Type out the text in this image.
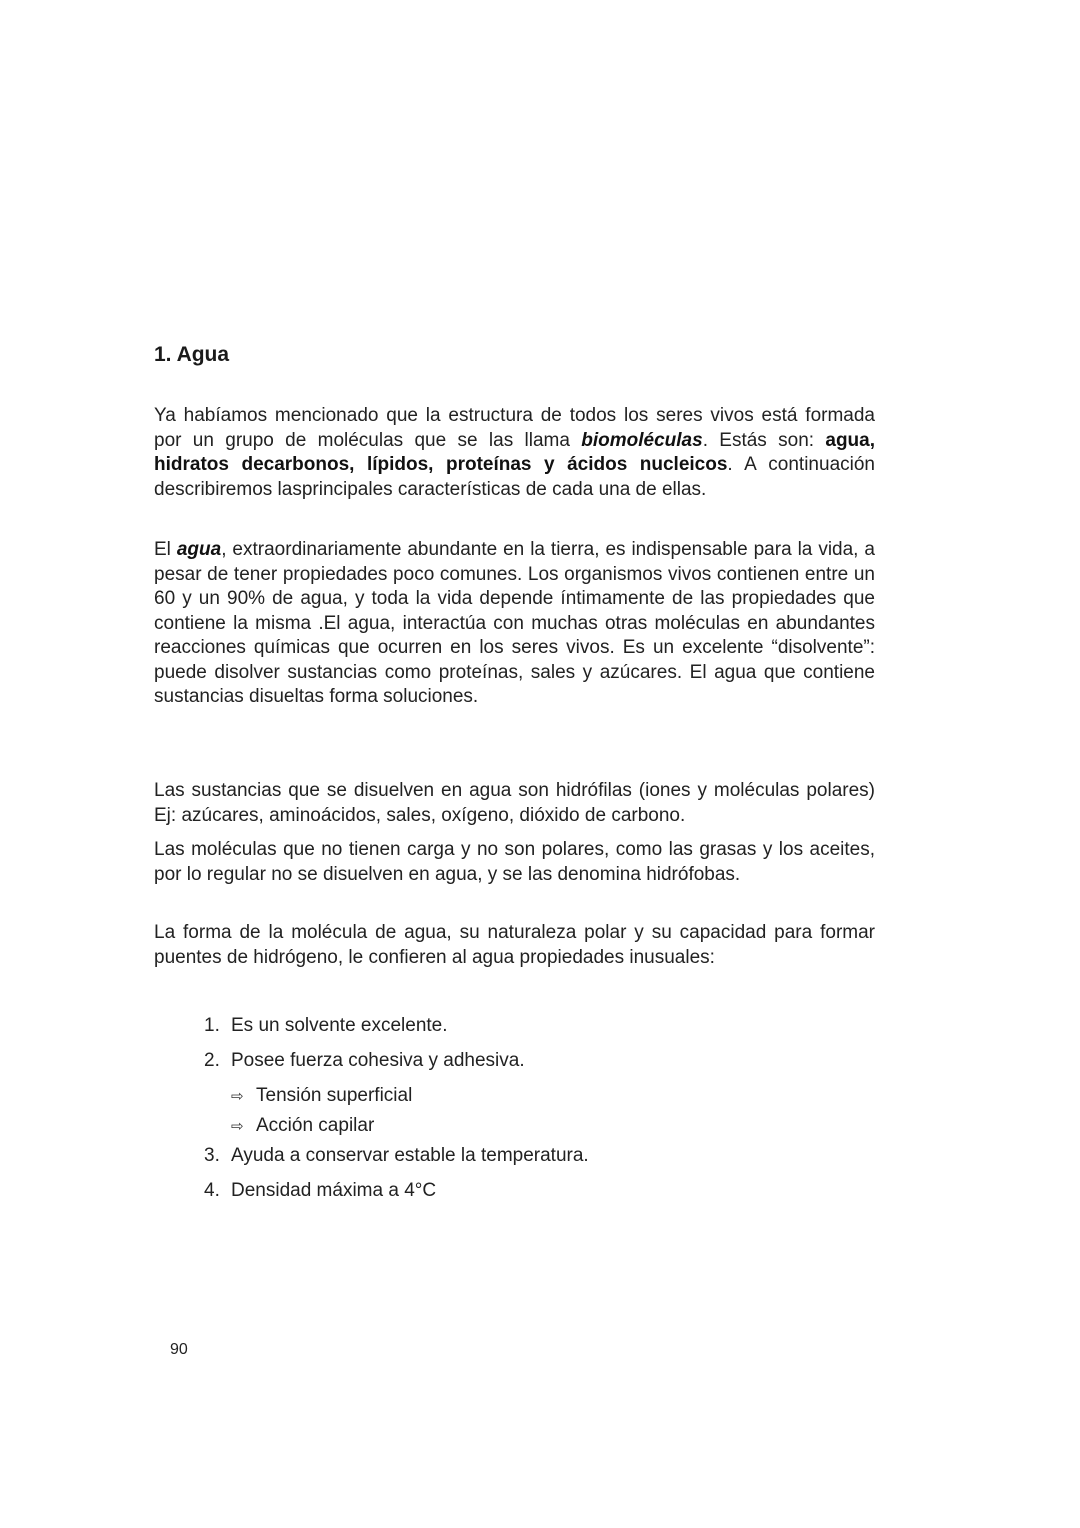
1. Agua

Ya habíamos mencionado que la estructura de todos los seres vivos está formada por un grupo de moléculas que se las llama biomoléculas. Estás son: agua, hidratos decarbonos, lípidos, proteínas y ácidos nucleicos. A continuación describiremos lasprincipales características de cada una de ellas.

El agua, extraordinariamente abundante en la tierra, es indispensable para la vida, a pesar de tener propiedades poco comunes. Los organismos vivos contienen entre un 60 y un 90% de agua, y toda la vida depende íntimamente de las propiedades que contiene la misma .El agua, interactúa con muchas otras moléculas en abundantes reacciones químicas que ocurren en los seres vivos. Es un excelente “disolvente”: puede disolver sustancias como proteínas, sales y azúcares. El agua que contiene sustancias disueltas forma soluciones.

Las sustancias que se disuelven en agua son hidrófilas (iones y moléculas polares) Ej: azúcares, aminoácidos, sales, oxígeno, dióxido de carbono.

Las moléculas que no tienen carga y no son polares, como las grasas y los aceites, por lo regular no se disuelven en agua, y se las denomina hidrófobas.

La forma de la molécula de agua, su naturaleza polar y su capacidad para formar puentes de hidrógeno, le confieren al agua propiedades inusuales:

1. Es un solvente excelente.
2. Posee fuerza cohesiva y adhesiva.
⇨ Tensión superficial
⇨ Acción capilar
3. Ayuda a conservar estable la temperatura.
4. Densidad máxima a 4°C

90
